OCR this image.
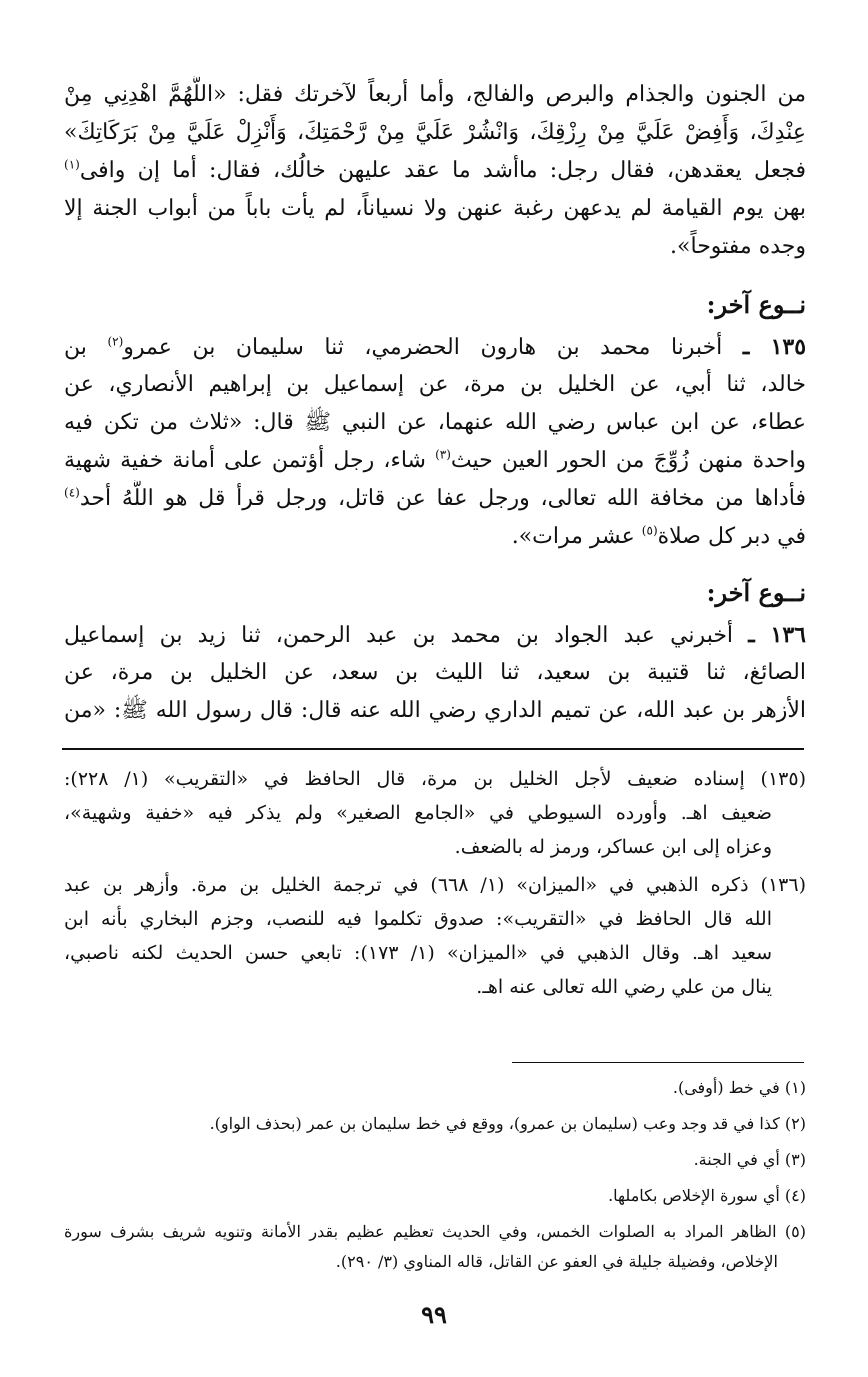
من الجنون والجذام والبرص والفالج، وأما أربعاً لآخرتك فقل: «اللَّهُمَّ اهْدِنِي مِنْ
عِنْدِكَ، وَأَفِضْ عَلَيَّ مِنْ رِزْقِكَ، وَانْشُرْ عَلَيَّ مِنْ رَّحْمَتِكَ، وَأَنْزِلْ عَلَيَّ مِنْ بَرَكَاتِكَ»
فجعل يعقدهن، فقال رجل: ماأشد ما عقد عليهن خالُك، فقال: أما إن وافى$^{(١)}$
بهن يوم القيامة لم يدعهن رغبة عنهن ولا نسياناً، لم يأت باباً من أبواب الجنة إلا
وجده مفتوحاً».
نــوع آخر:
١٣٥ ـ أخبرنا محمد بن هارون الحضرمي، ثنا سليمان بن عمرو$^{(٢)}$ بن
خالد، ثنا أبي، عن الخليل بن مرة، عن إسماعيل بن إبراهيم الأنصاري، عن
عطاء، عن ابن عباس رضي الله عنهما، عن النبي ﷺ قال: «ثلاث من تكن فيه
واحدة منهن زُوِّجَ من الحور العين حيث$^{(٣)}$ شاء، رجل أؤتمن على أمانة خفية شهية
فأداها من مخافة الله تعالى، ورجل عفا عن قاتل، ورجل قرأ قل هو اللَّهُ أحد$^{(٤)}$
في دبر كل صلاة$^{(٥)}$ عشر مرات».
نــوع آخر:
١٣٦ ـ أخبرني عبد الجواد بن محمد بن عبد الرحمن، ثنا زيد بن إسماعيل
الصائغ، ثنا قتيبة بن سعيد، ثنا الليث بن سعد، عن الخليل بن مرة، عن
الأزهر بن عبد الله، عن تميم الداري رضي الله عنه قال: قال رسول الله ﷺ: «من
(١٣٥) إسناده ضعيف لأجل الخليل بن مرة، قال الحافظ في «التقريب» (١/ ٢٢٨):
ضعيف اهـ. وأورده السيوطي في «الجامع الصغير» ولم يذكر فيه «خفية وشهية»،
وعزاه إلى ابن عساكر، ورمز له بالضعف.
(١٣٦) ذكره الذهبي في «الميزان» (١/ ٦٦٨) في ترجمة الخليل بن مرة. وأزهر بن عبد
الله قال الحافظ في «التقريب»: صدوق تكلموا فيه للنصب، وجزم البخاري بأنه ابن
سعيد اهـ. وقال الذهبي في «الميزان» (١/ ١٧٣): تابعي حسن الحديث لكنه ناصبي،
ينال من علي رضي الله تعالى عنه اهـ.
(١) في خط (أوفى).
(٢) كذا في قد وجد وعب (سليمان بن عمرو)، ووقع في خط سليمان بن عمر (بحذف الواو).
(٣) أي في الجنة.
(٤) أي سورة الإخلاص بكاملها.
(٥) الظاهر المراد به الصلوات الخمس، وفي الحديث تعظيم عظيم بقدر الأمانة وتنويه شريف بشرف سورة
الإخلاص، وفضيلة جليلة في العفو عن القاتل، قاله المناوي (٣/ ٢٩٠).
٩٩
